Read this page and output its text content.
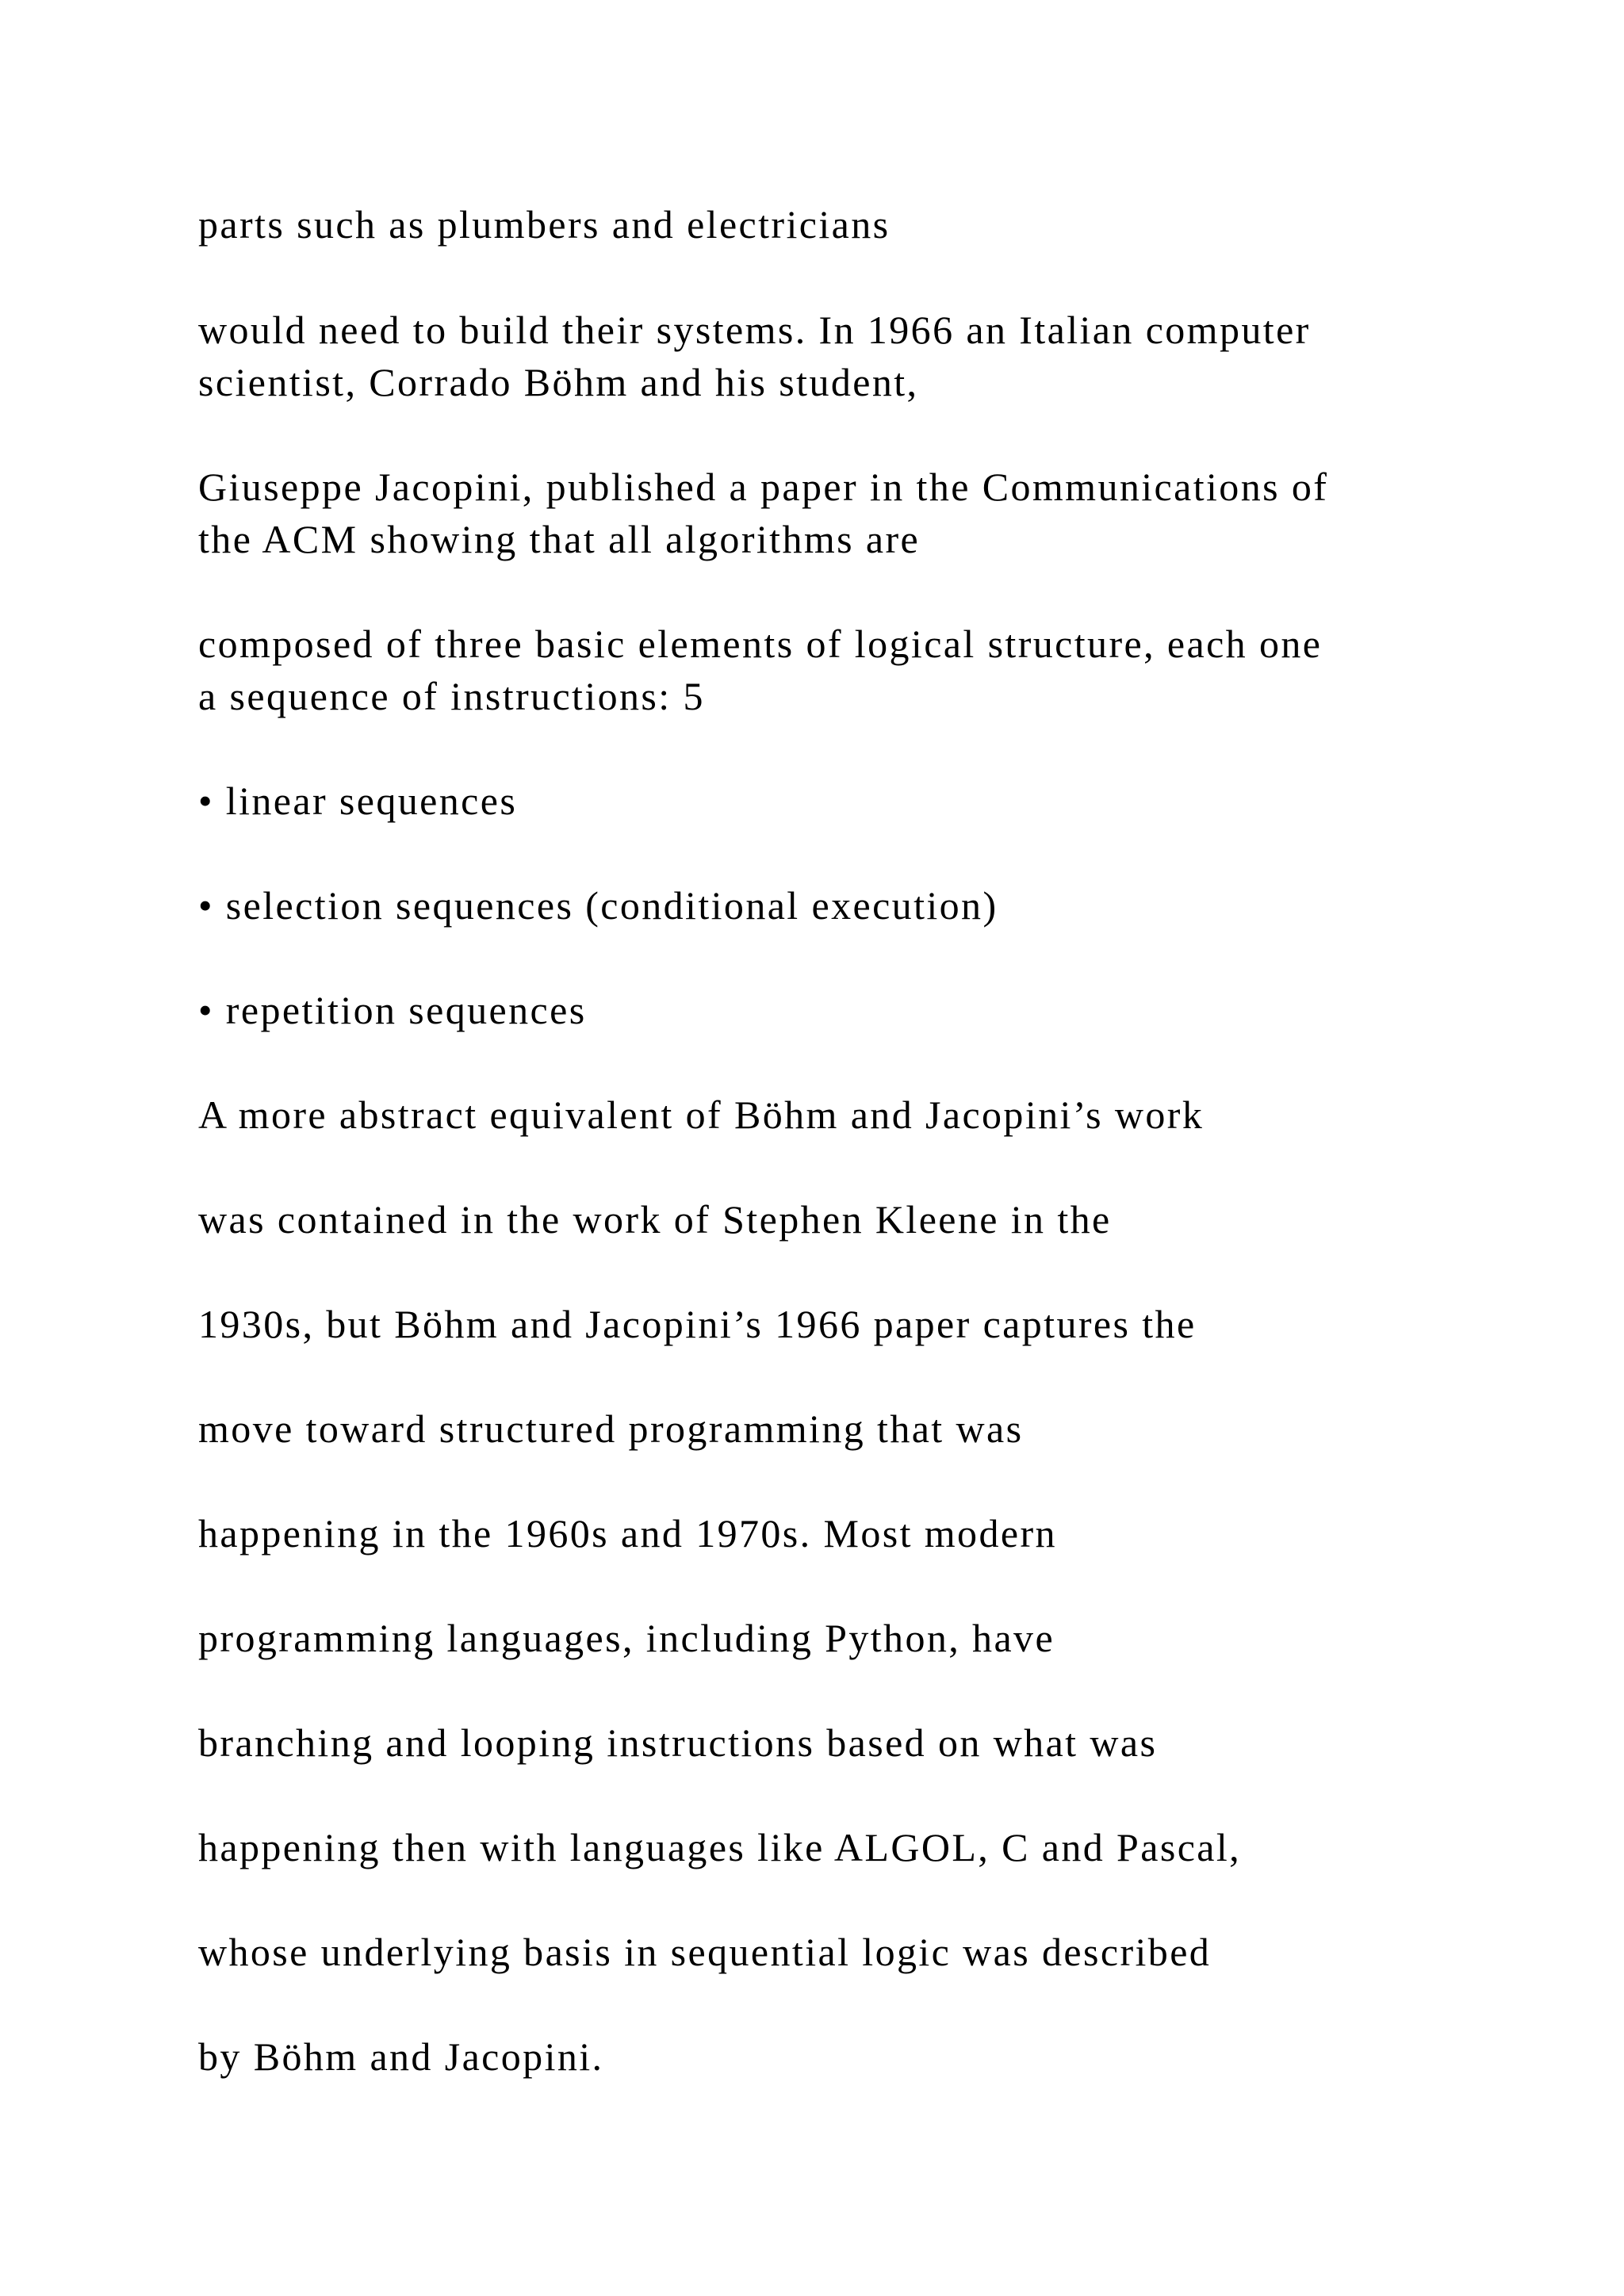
parts such as plumbers and electricians
would need to build their systems. In 1966 an Italian computer
scientist, Corrado Böhm and his student,
Giuseppe Jacopini, published a paper in the Communications of
the ACM showing that all algorithms are
composed of three basic elements of logical structure, each one
a sequence of instructions: 5
• linear sequences
• selection sequences (conditional execution)
• repetition sequences
A more abstract equivalent of Böhm and Jacopini’s work
was contained in the work of Stephen Kleene in the
1930s, but Böhm and Jacopini’s 1966 paper captures the
move toward structured programming that was
happening in the 1960s and 1970s. Most modern
programming languages, including Python, have
branching and looping instructions based on what was
happening then with languages like ALGOL, C and Pascal,
whose underlying basis in sequential logic was described
by Böhm and Jacopini.
